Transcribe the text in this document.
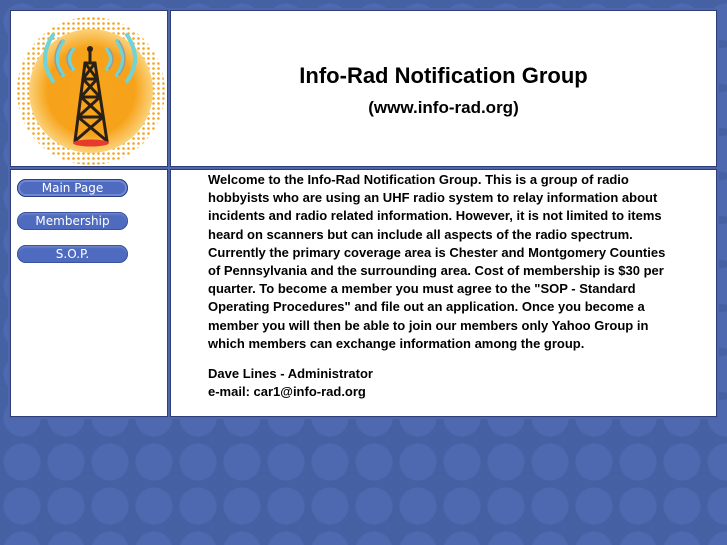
Info-Rad Notification Group
(www.info-rad.org)
Main Page
Membership
S.O.P.

Welcome to the Info-Rad Notification Group. This is a group of radio hobbyists who are using an UHF radio system to relay information about incidents and radio related information. However, it is not limited to items heard on scanners but can include all aspects of the radio spectrum. Currently the primary coverage area is Chester and Montgomery Counties of Pennsylvania and the surrounding area. Cost of membership is $30 per quarter. To become a member you must agree to the "SOP - Standard Operating Procedures" and file out an application. Once you become a member you will then be able to join our members only Yahoo Group in which members can exchange information among the group.

Dave Lines - Administrator
e-mail: car1@info-rad.org
